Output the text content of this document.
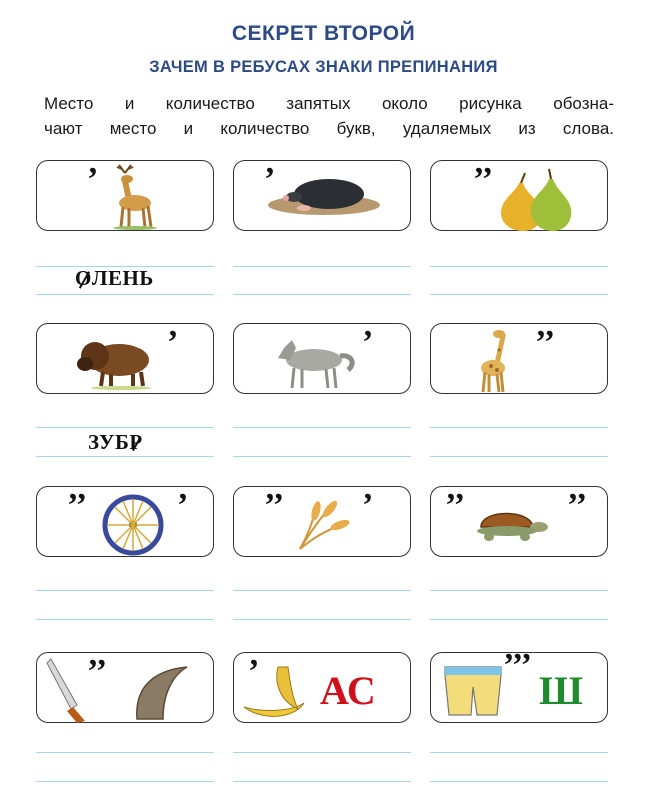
СЕКРЕТ ВТОРОЙ
ЗАЧЕМ В РЕБУСАХ ЗНАКИ ПРЕПИНАНИЯ
Место и количество запятых около рисунка обозна-
чают место и количество букв, удаляемых из слова.
’	’	’’
ОЛЕНЬ
’	’	’’
ЗУБР
’’	’ ’’ ’ ’’	’’
’’	’ АС
’’’
Ш
